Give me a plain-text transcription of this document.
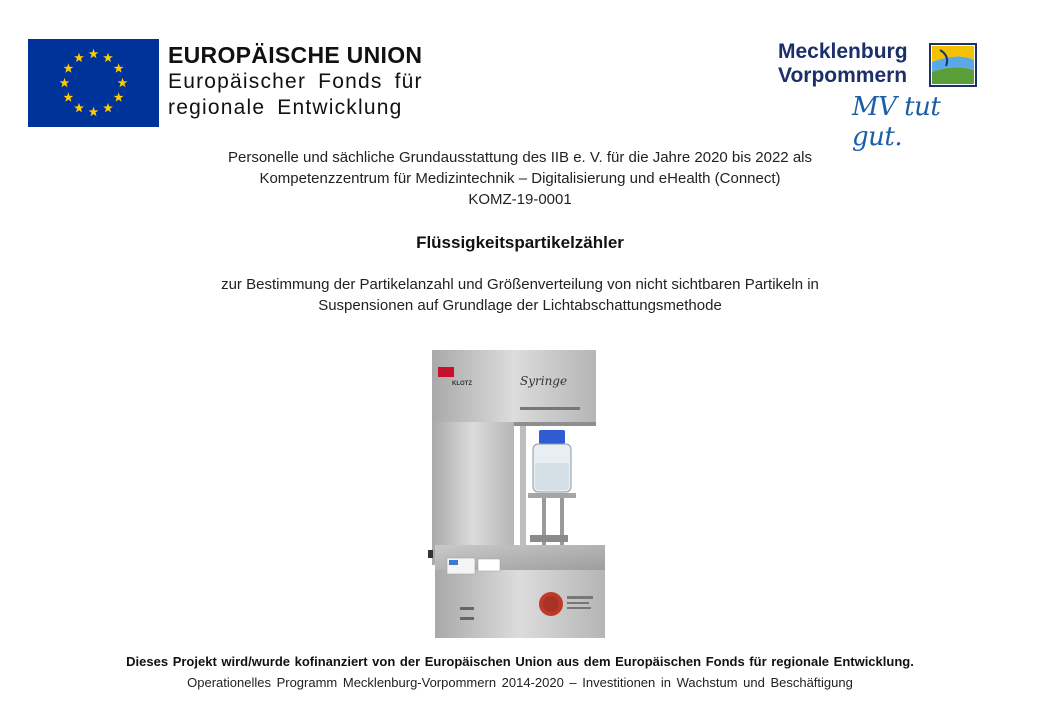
EUROPÄISCHE UNION
Europäischer Fonds für
regionale Entwicklung
Mecklenburg
Vorpommern
MV tut gut.
Personelle und sächliche Grundausstattung des IIB e. V. für die Jahre 2020 bis 2022 als
Kompetenzzentrum für Medizintechnik – Digitalisierung und eHealth (Connect)
KOMZ-19-0001
Flüssigkeitspartikelzähler
zur Bestimmung der Partikelanzahl und Größenverteilung von nicht sichtbaren Partikeln in
Suspensionen auf Grundlage der Lichtabschattungsmethode
KLOTZ	Syringe
Dieses Projekt wird/wurde kofinanziert von der Europäischen Union aus dem Europäischen Fonds für regionale Entwicklung.
Operationelles Programm Mecklenburg-Vorpommern 2014-2020 – Investitionen in Wachstum und Beschäftigung
